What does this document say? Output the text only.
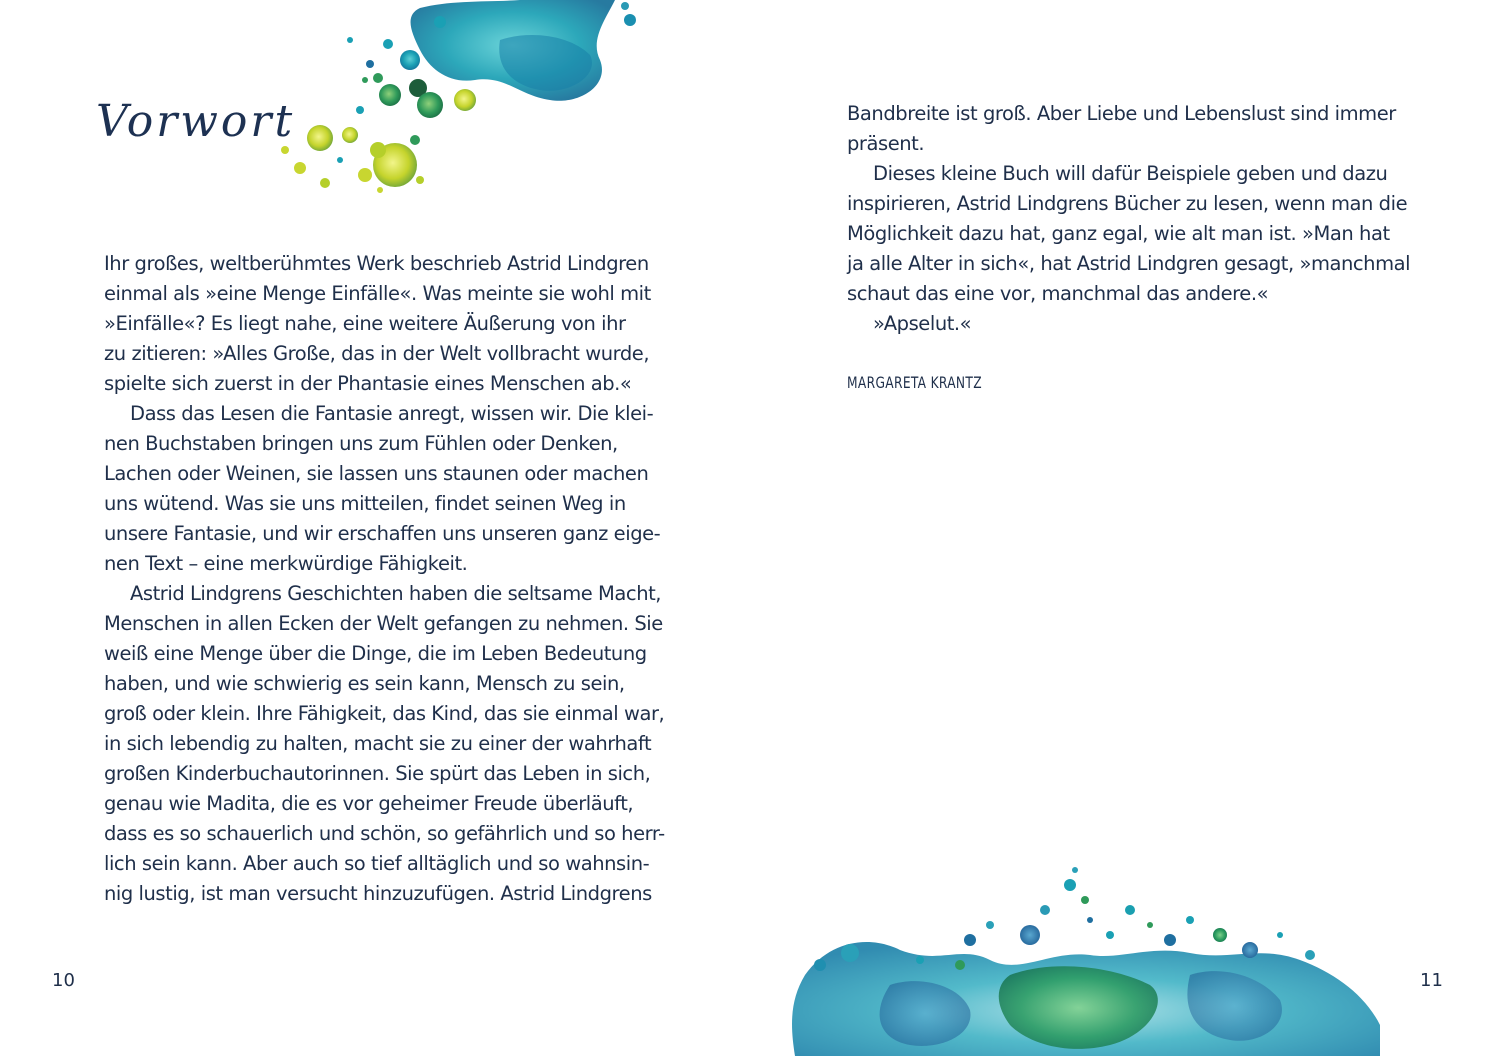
Vorwort
Ihr großes, weltberühmtes Werk beschrieb Astrid Lindgren
einmal als »eine Menge Einfälle«. Was meinte sie wohl mit
»Einfälle«? Es liegt nahe, eine weitere Äußerung von ihr
zu zitieren: »Alles Große, das in der Welt vollbracht wurde,
spielte sich zuerst in der Phantasie eines Menschen ab.«
Dass das Lesen die Fantasie anregt, wissen wir. Die klei-
nen Buchstaben bringen uns zum Fühlen oder Denken,
Lachen oder Weinen, sie lassen uns staunen oder machen
uns wütend. Was sie uns mitteilen, findet seinen Weg in
unsere Fantasie, und wir erschaffen uns unseren ganz eige-
nen Text – eine merkwürdige Fähigkeit.
Astrid Lindgrens Geschichten haben die seltsame Macht,
Menschen in allen Ecken der Welt gefangen zu nehmen. Sie
weiß eine Menge über die Dinge, die im Leben Bedeutung
haben, und wie schwierig es sein kann, Mensch zu sein,
groß oder klein. Ihre Fähigkeit, das Kind, das sie einmal war,
in sich lebendig zu halten, macht sie zu einer der wahrhaft
großen Kinderbuchautorinnen. Sie spürt das Leben in sich,
genau wie Madita, die es vor geheimer Freude überläuft,
dass es so schauerlich und schön, so gefährlich und so herr-
lich sein kann. Aber auch so tief alltäglich und so wahnsin-
nig lustig, ist man versucht hinzuzufügen. Astrid Lindgrens
10
Bandbreite ist groß. Aber Liebe und Lebenslust sind immer
präsent.
Dieses kleine Buch will dafür Beispiele geben und dazu
inspirieren, Astrid Lindgrens Bücher zu lesen, wenn man die
Möglichkeit dazu hat, ganz egal, wie alt man ist. »Man hat
ja alle Alter in sich«, hat Astrid Lindgren gesagt, »manchmal
schaut das eine vor, manchmal das andere.«
»Apselut.«
MARGARETA KRANTZ
11
